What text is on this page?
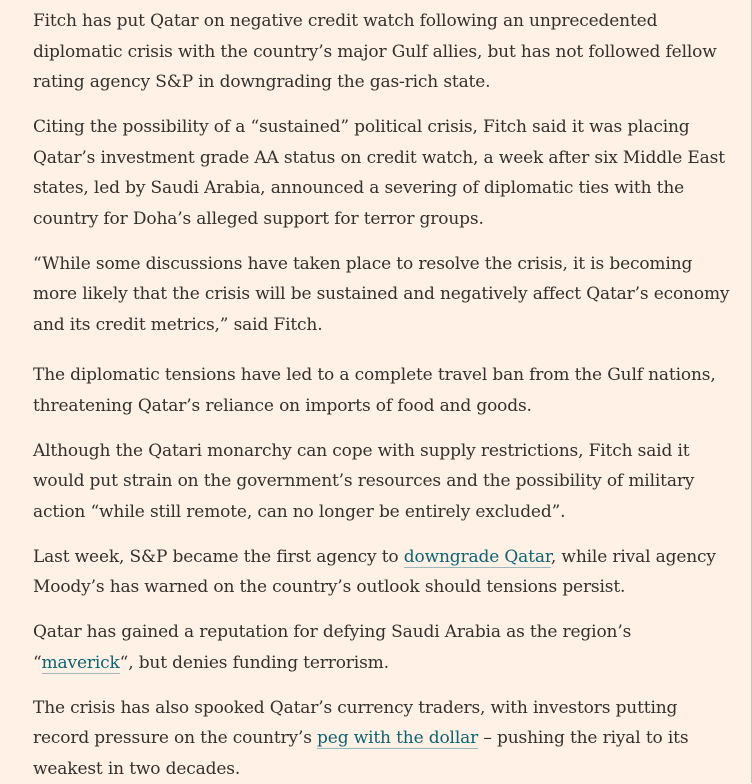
Fitch has put Qatar on negative credit watch following an unprecedented diplomatic crisis with the country’s major Gulf allies, but has not followed fellow rating agency S&P in downgrading the gas-rich state.

Citing the possibility of a “sustained” political crisis, Fitch said it was placing Qatar’s investment grade AA status on credit watch, a week after six Middle East states, led by Saudi Arabia, announced a severing of diplomatic ties with the country for Doha’s alleged support for terror groups.

“While some discussions have taken place to resolve the crisis, it is becoming more likely that the crisis will be sustained and negatively affect Qatar’s economy and its credit metrics,” said Fitch.

The diplomatic tensions have led to a complete travel ban from the Gulf nations, threatening Qatar’s reliance on imports of food and goods.

Although the Qatari monarchy can cope with supply restrictions, Fitch said it would put strain on the government’s resources and the possibility of military action “while still remote, can no longer be entirely excluded”.

Last week, S&P became the first agency to downgrade Qatar, while rival agency Moody’s has warned on the country’s outlook should tensions persist.

Qatar has gained a reputation for defying Saudi Arabia as the region’s “maverick“, but denies funding terrorism.

The crisis has also spooked Qatar’s currency traders, with investors putting record pressure on the country’s peg with the dollar – pushing the riyal to its weakest in two decades.
